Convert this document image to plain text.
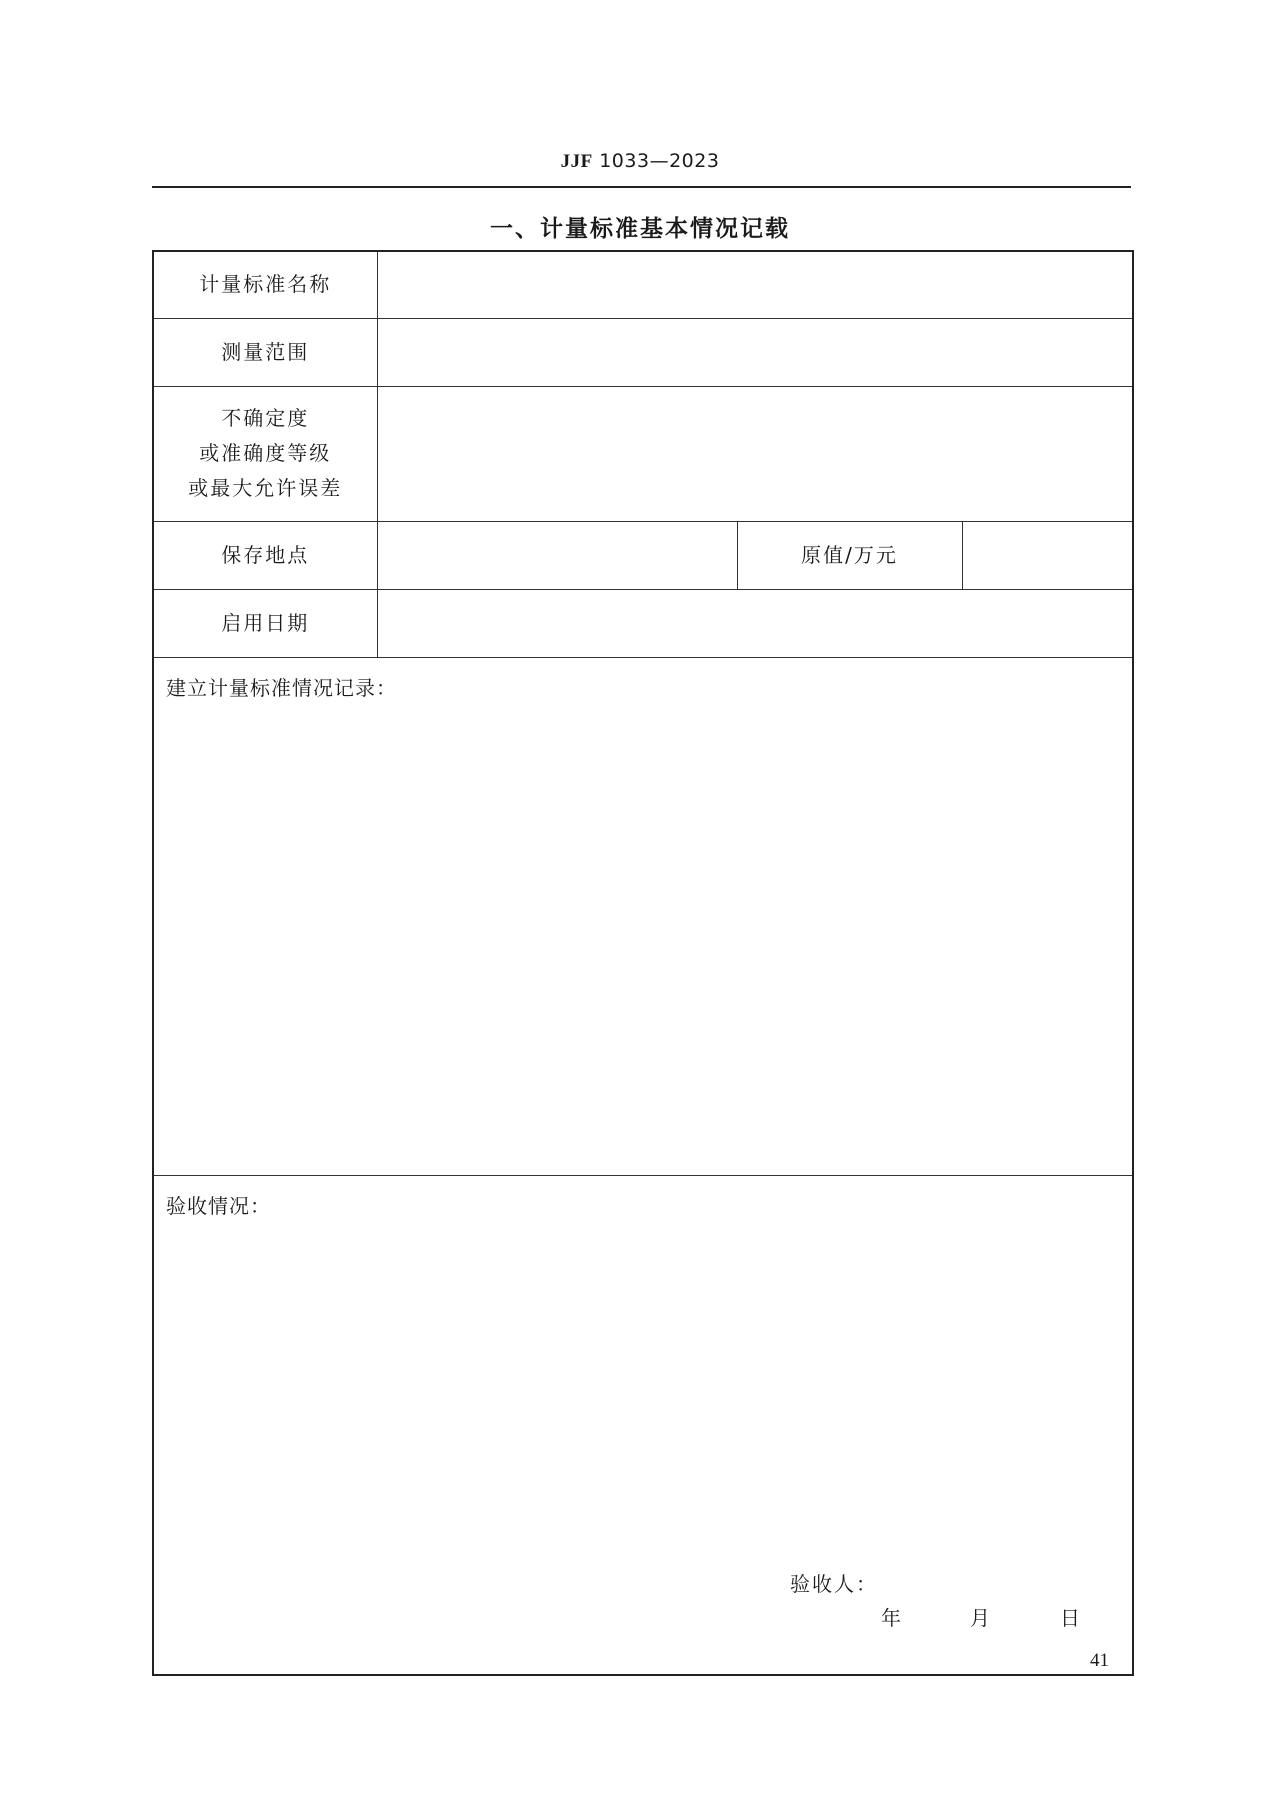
JJF 1033—2023
一、计量标准基本情况记载
计量标准名称			
测量范围			

不确定度
或准确度等级
或最大允许误差			

保存地点		原值/万元	
启用日期			
建立计量标准情况记录：			

验收情况：
验收人：
年 月 日			
41
